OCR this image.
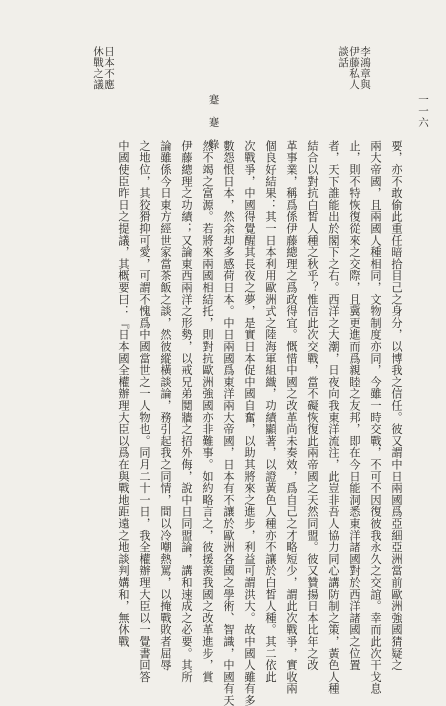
一一六
蹇蹇錄
李鴻章與
伊藤私人
談話
日本不應
休戰之議
要，亦不敢偷此重任暗拾目己之身分，以博我之信任。彼又謂中日兩國爲亞細亞洲當前歐洲強國猜疑之
兩大帝國，且兩國人種相同，文物制度亦同，今雖一時交戰，不可不因復彼我永久之交誼。幸而此次干戈息
止，則不特恢復從來之交際，且冀更進而爲親睦之友邦，即在今日能洞悉東洋諸國對於西洋諸國之位置
者，天下誰能出於閣下之右。西洋之大潮，日夜向我東洋流注，此豈非吾人協力同心講防制之策，黃色人種
結合以對抗白皙人種之秋乎？惟信此次交戰，當不礙恢復此兩帝國之天然同盟。彼又贊揚日本比年之改
革事業，稱爲係伊藤總理之爲政得宜。慨惜中國之改革尚未奏效，爲自己之才略短少，謂此次戰爭，實收兩
個良好結果：其一日本利用歐洲式之陸海軍組織，功績顯著，以證黃色人種亦不讓於白皙人種。其二依此
次戰爭，中國得覺醒其長夜之夢，是實日本促中國自奮，以助其將來之進步，利益可謂洪大。故中國人雖有多
數怨恨日本，然余却多感荷日本。中日兩國爲東洋兩大帝國，日本有不讓於歐洲各國之學術、智識，中國有天
然不竭之富源。若將來兩國相結托，則對抗歐洲強國亦非難事。如約略言之，彼援羨我國之改革進步，賞
伊藤總理之功績；又論東西兩洋之形勢，以戒兄弟鬩牆之招外侮，說中日同盟論，講和速成之必要。其所
論雖係今日東方經世家當茶飯之談，然彼縱橫談論，務引起我之同情，間以冷嘲熱罵，以掩戰敗者屈辱
之地位，其狡猾抑可愛，可謂不愧爲中國當世之一人物也。同月二十一日，我全權辦理大臣以一覺書回答
中國使臣昨日之提議，其概要曰：『日本國全權辦理大臣以爲在與戰地距遠之地談判媾和，無休戰
